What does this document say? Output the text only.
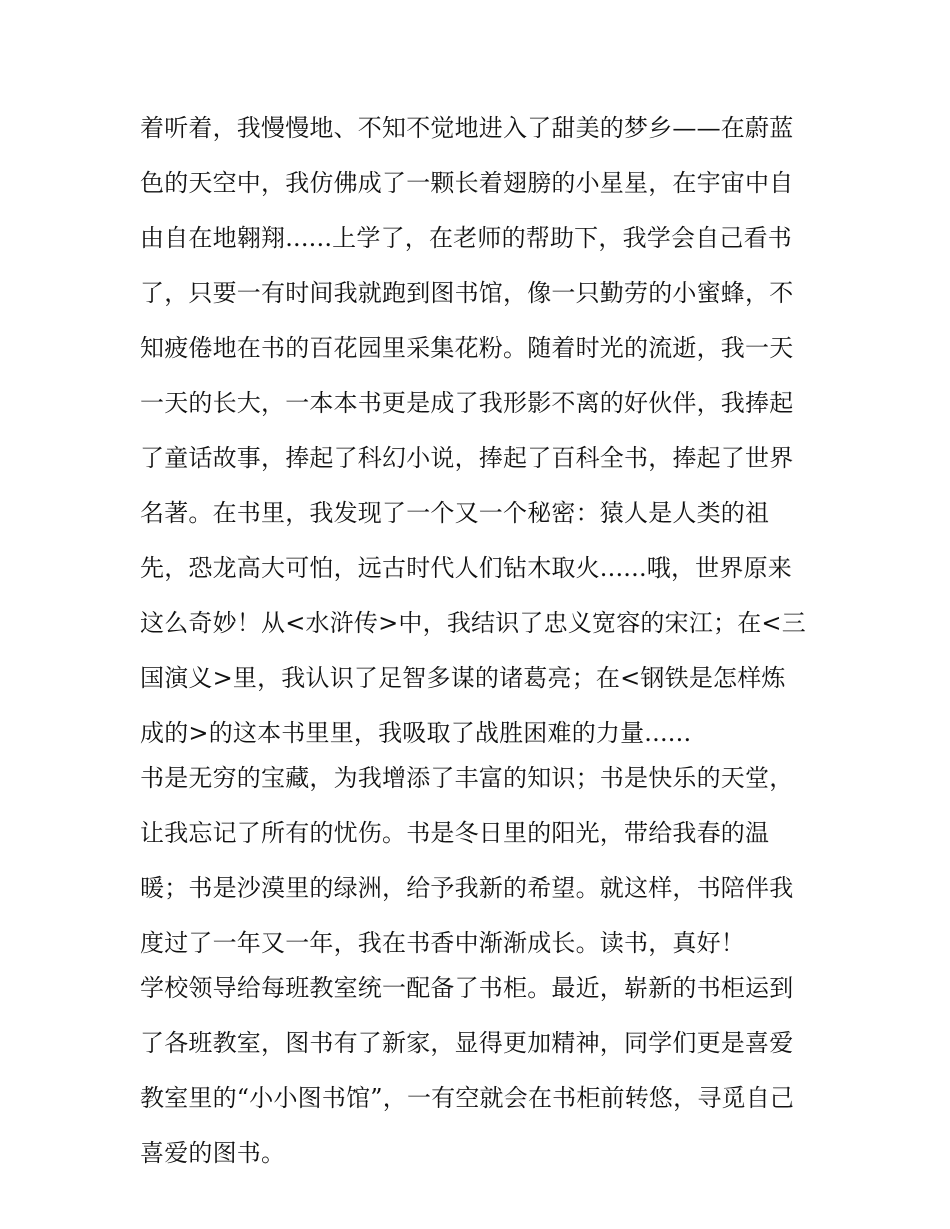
着听着，我慢慢地、不知不觉地进入了甜美的梦乡——在蔚蓝
色的天空中，我仿佛成了一颗长着翅膀的小星星，在宇宙中自
由自在地翱翔......上学了，在老师的帮助下，我学会自己看书
了，只要一有时间我就跑到图书馆，像一只勤劳的小蜜蜂，不
知疲倦地在书的百花园里采集花粉。随着时光的流逝，我一天
一天的长大，一本本书更是成了我形影不离的好伙伴，我捧起
了童话故事，捧起了科幻小说，捧起了百科全书，捧起了世界
名著。在书里，我发现了一个又一个秘密：猿人是人类的祖
先，恐龙高大可怕，远古时代人们钻木取火......哦，世界原来
这么奇妙！从<水浒传>中，我结识了忠义宽容的宋江；在<三
国演义>里，我认识了足智多谋的诸葛亮；在<钢铁是怎样炼
成的>的这本书里里，我吸取了战胜困难的力量......
书是无穷的宝藏，为我增添了丰富的知识；书是快乐的天堂，
让我忘记了所有的忧伤。书是冬日里的阳光，带给我春的温
暖；书是沙漠里的绿洲，给予我新的希望。就这样，书陪伴我
度过了一年又一年，我在书香中渐渐成长。读书，真好！
学校领导给每班教室统一配备了书柜。最近，崭新的书柜运到
了各班教室，图书有了新家，显得更加精神，同学们更是喜爱
教室里的“小小图书馆”，一有空就会在书柜前转悠，寻觅自己
喜爱的图书。
